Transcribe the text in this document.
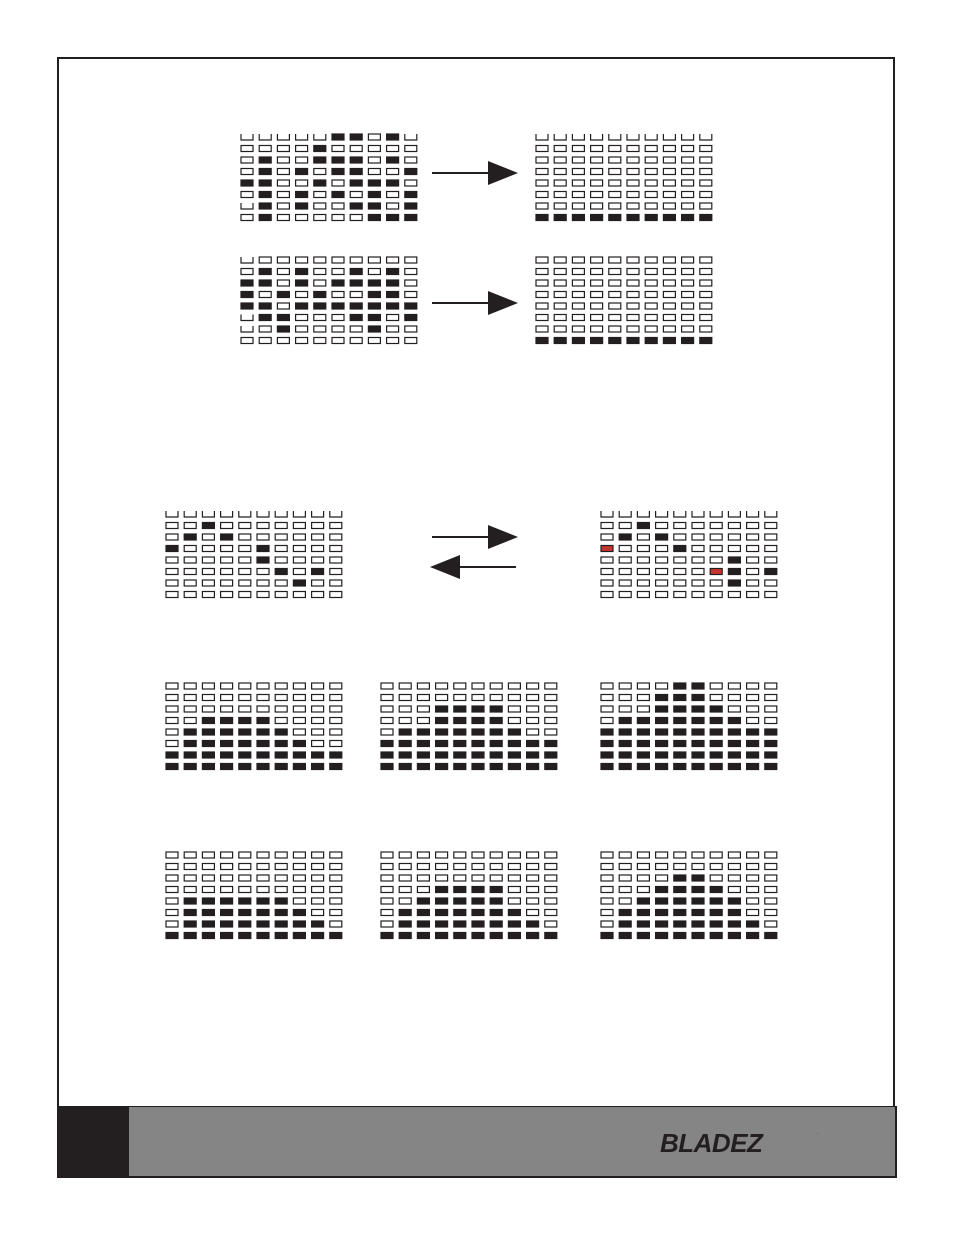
BLADEZ	·
